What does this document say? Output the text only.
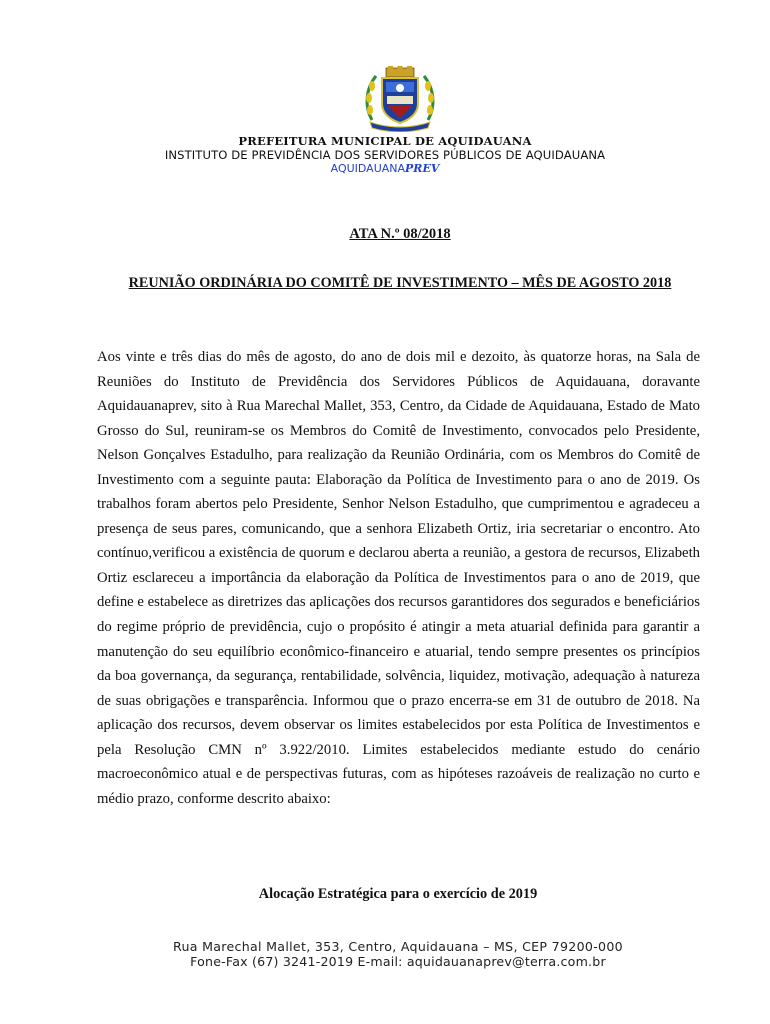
PREFEITURA MUNICIPAL DE AQUIDAUANA
INSTITUTO DE PREVIDÊNCIA DOS SERVIDORES PÚBLICOS DE AQUIDAUANA
AQUIDAUANAPREV
ATA N.º 08/2018
REUNIÃO ORDINÁRIA DO COMITÊ DE INVESTIMENTO – MÊS DE AGOSTO 2018

Aos vinte e três dias do mês de agosto, do ano de dois mil e dezoito, às quatorze horas, na Sala de Reuniões do Instituto de Previdência dos Servidores Públicos de Aquidauana, doravante Aquidauanaprev, sito à Rua Marechal Mallet, 353, Centro, da Cidade de Aquidauana, Estado de Mato Grosso do Sul, reuniram-se os Membros do Comitê de Investimento, convocados pelo Presidente, Nelson Gonçalves Estadulho, para realização da Reunião Ordinária, com os Membros do Comitê de Investimento com a seguinte pauta: Elaboração da Política de Investimento para o ano de 2019. Os trabalhos foram abertos pelo Presidente, Senhor Nelson Estadulho, que cumprimentou e agradeceu a presença de seus pares, comunicando, que a senhora Elizabeth Ortiz, iria secretariar o encontro. Ato contínuo,verificou a existência de quorum e declarou aberta a reunião, a gestora de recursos, Elizabeth Ortiz esclareceu a importância da elaboração da Política de Investimentos para o ano de 2019, que define e estabelece as diretrizes das aplicações dos recursos garantidores dos segurados e beneficiários do regime próprio de previdência, cujo o propósito é atingir a meta atuarial definida para garantir a manutenção do seu equilíbrio econômico-financeiro e atuarial, tendo sempre presentes os princípios da boa governança, da segurança, rentabilidade, solvência, liquidez, motivação, adequação à natureza de suas obrigações e transparência. Informou que o prazo encerra-se em 31 de outubro de 2018. Na aplicação dos recursos, devem observar os limites estabelecidos por esta Política de Investimentos e pela Resolução CMN nº 3.922/2010. Limites estabelecidos mediante estudo do cenário macroeconômico atual e de perspectivas futuras, com as hipóteses razoáveis de realização no curto e médio prazo, conforme descrito abaixo:

Alocação Estratégica para o exercício de 2019
Rua Marechal Mallet, 353, Centro, Aquidauana – MS, CEP 79200-000
Fone-Fax (67) 3241-2019 E-mail: aquidauanaprev@terra.com.br
